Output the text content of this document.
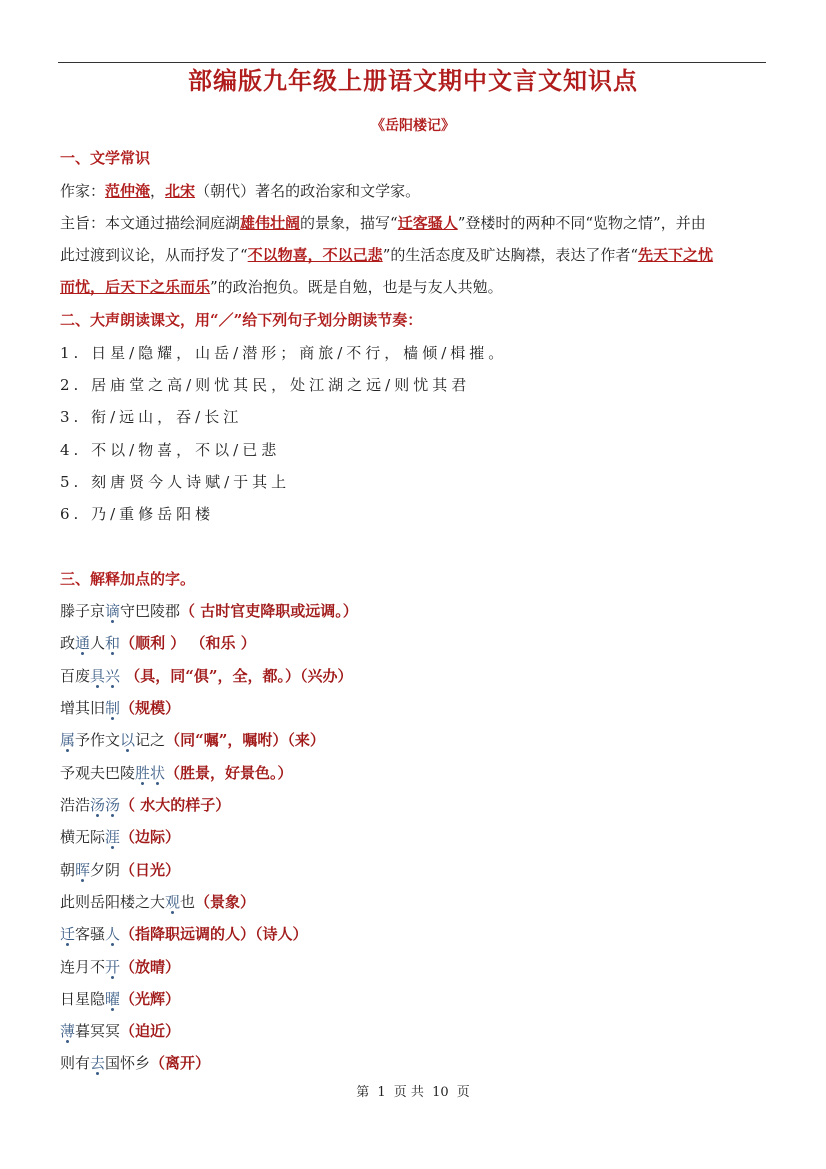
部编版九年级上册语文期中文言文知识点
《岳阳楼记》
一、文学常识
作家：范仲淹，北宋（朝代）著名的政治家和文学家。
主旨：本文通过描绘洞庭湖雄伟壮阔的景象，描写“迁客骚人”登楼时的两种不同“览物之情”，并由
此过渡到议论，从而抒发了“不以物喜，不以己悲”的生活态度及旷达胸襟，表达了作者“先天下之忧
而忧，后天下之乐而乐”的政治抱负。既是自勉，也是与友人共勉。
二、大声朗读课文，用“／”给下列句子划分朗读节奏：
1. 日星/隐耀，山岳/潜形；商旅/不行，樯倾/楫摧。
2. 居庙堂之高/则忧其民，处江湖之远/则忧其君
3. 衔/远山，吞/长江
4. 不以/物喜，不以/已悲
5. 刻唐贤今人诗赋/于其上
6. 乃/重修岳阳楼
三、解释加点的字。
滕子京谪守巴陵郡（ 古时官吏降职或远调。）
政通人和（顺利 ） （和乐 ）
百废具兴 （具，同“俱”，全，都。）（兴办）
增其旧制（规模）
属予作文以记之（同“嘱”，嘱咐）（来）
予观夫巴陵胜状（胜景，好景色。）
浩浩汤汤（ 水大的样子）
横无际涯（边际）
朝晖夕阴（日光）
此则岳阳楼之大观也（景象）
迁客骚人（指降职远调的人）（诗人）
连月不开（放晴）
日星隐曜（光辉）
薄暮冥冥（迫近）
则有去国怀乡（离开）
第 1 页 共 10 页
